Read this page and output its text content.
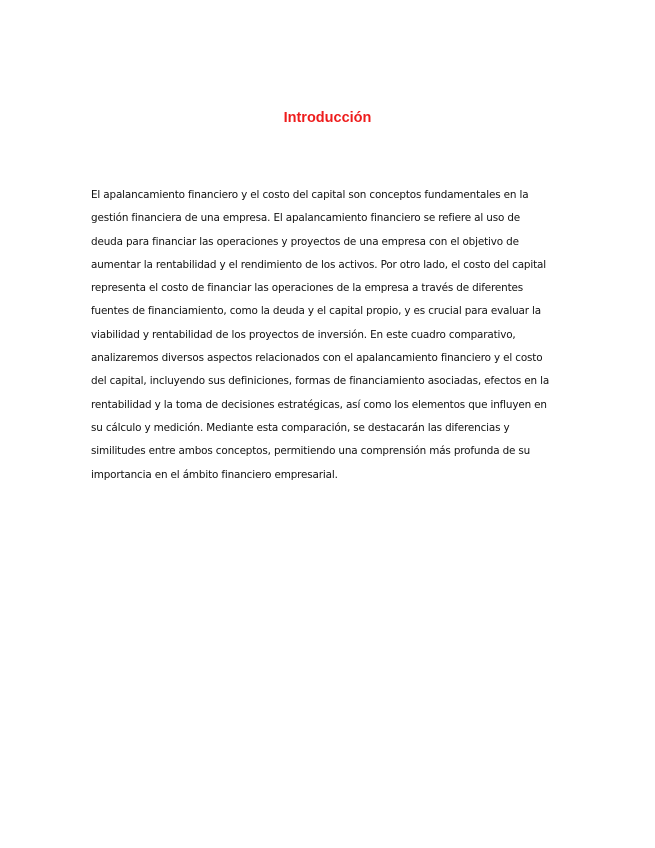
Introducción

El apalancamiento financiero y el costo del capital son conceptos fundamentales en la
gestión financiera de una empresa. El apalancamiento financiero se refiere al uso de
deuda para financiar las operaciones y proyectos de una empresa con el objetivo de
aumentar la rentabilidad y el rendimiento de los activos. Por otro lado, el costo del capital
representa el costo de financiar las operaciones de la empresa a través de diferentes
fuentes de financiamiento, como la deuda y el capital propio, y es crucial para evaluar la
viabilidad y rentabilidad de los proyectos de inversión. En este cuadro comparativo,
analizaremos diversos aspectos relacionados con el apalancamiento financiero y el costo
del capital, incluyendo sus definiciones, formas de financiamiento asociadas, efectos en la
rentabilidad y la toma de decisiones estratégicas, así como los elementos que influyen en
su cálculo y medición. Mediante esta comparación, se destacarán las diferencias y
similitudes entre ambos conceptos, permitiendo una comprensión más profunda de su
importancia en el ámbito financiero empresarial.
